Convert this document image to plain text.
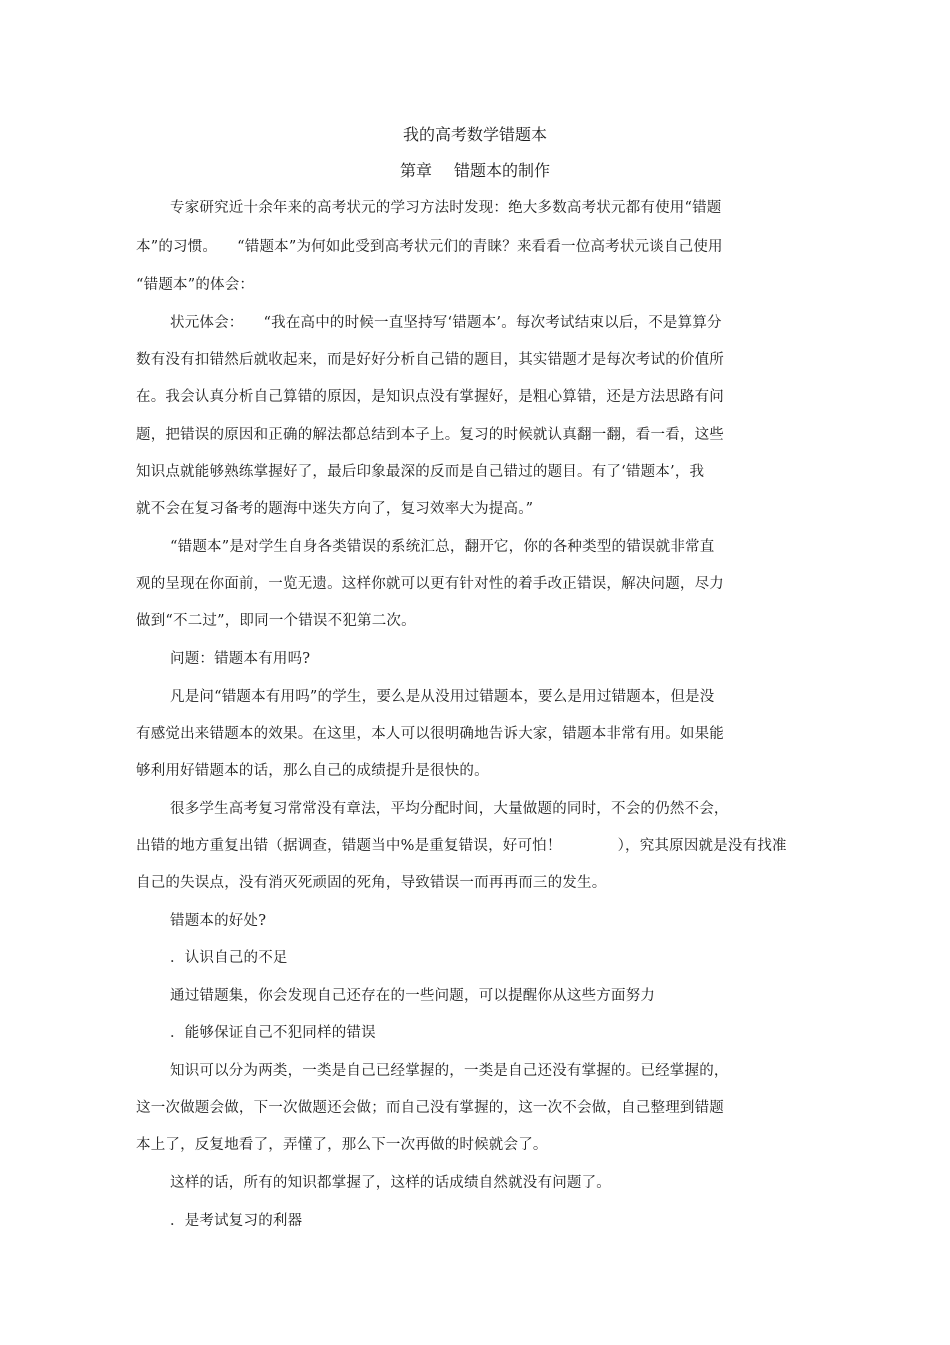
我的高考数学错题本
第章 错题本的制作
专家研究近十余年来的高考状元的学习方法时发现：绝大多数高考状元都有使用“错题
本”的习惯。 “错题本”为何如此受到高考状元们的青睐？来看看一位高考状元谈自己使用
“错题本”的体会：
状元体会： “我在高中的时候一直坚持写‘错题本’。每次考试结束以后，不是算算分
数有没有扣错然后就收起来，而是好好分析自己错的题目，其实错题才是每次考试的价值所
在。我会认真分析自己算错的原因，是知识点没有掌握好，是粗心算错，还是方法思路有问
题，把错误的原因和正确的解法都总结到本子上。复习的时候就认真翻一翻，看一看，这些
知识点就能够熟练掌握好了，最后印象最深的反而是自己错过的题目。有了‘错题本’，我
就不会在复习备考的题海中迷失方向了，复习效率大为提高。”
“错题本”是对学生自身各类错误的系统汇总，翻开它，你的各种类型的错误就非常直
观的呈现在你面前，一览无遗。这样你就可以更有针对性的着手改正错误，解决问题，尽力
做到“不二过”，即同一个错误不犯第二次。
问题：错题本有用吗?
凡是问“错题本有用吗”的学生，要么是从没用过错题本，要么是用过错题本，但是没
有感觉出来错题本的效果。在这里，本人可以很明确地告诉大家，错题本非常有用。如果能
够利用好错题本的话，那么自己的成绩提升是很快的。
很多学生高考复习常常没有章法，平均分配时间，大量做题的同时，不会的仍然不会，
出错的地方重复出错（据调查，错题当中%是重复错误，好可怕！	），究其原因就是没有找准
自己的失误点，没有消灭死顽固的死角，导致错误一而再再而三的发生。
错题本的好处?
．认识自己的不足
通过错题集，你会发现自己还存在的一些问题，可以提醒你从这些方面努力
．能够保证自己不犯同样的错误
知识可以分为两类，一类是自己已经掌握的，一类是自己还没有掌握的。已经掌握的，
这一次做题会做，下一次做题还会做；而自己没有掌握的，这一次不会做，自己整理到错题
本上了，反复地看了，弄懂了，那么下一次再做的时候就会了。
这样的话，所有的知识都掌握了，这样的话成绩自然就没有问题了。
．是考试复习的利器
